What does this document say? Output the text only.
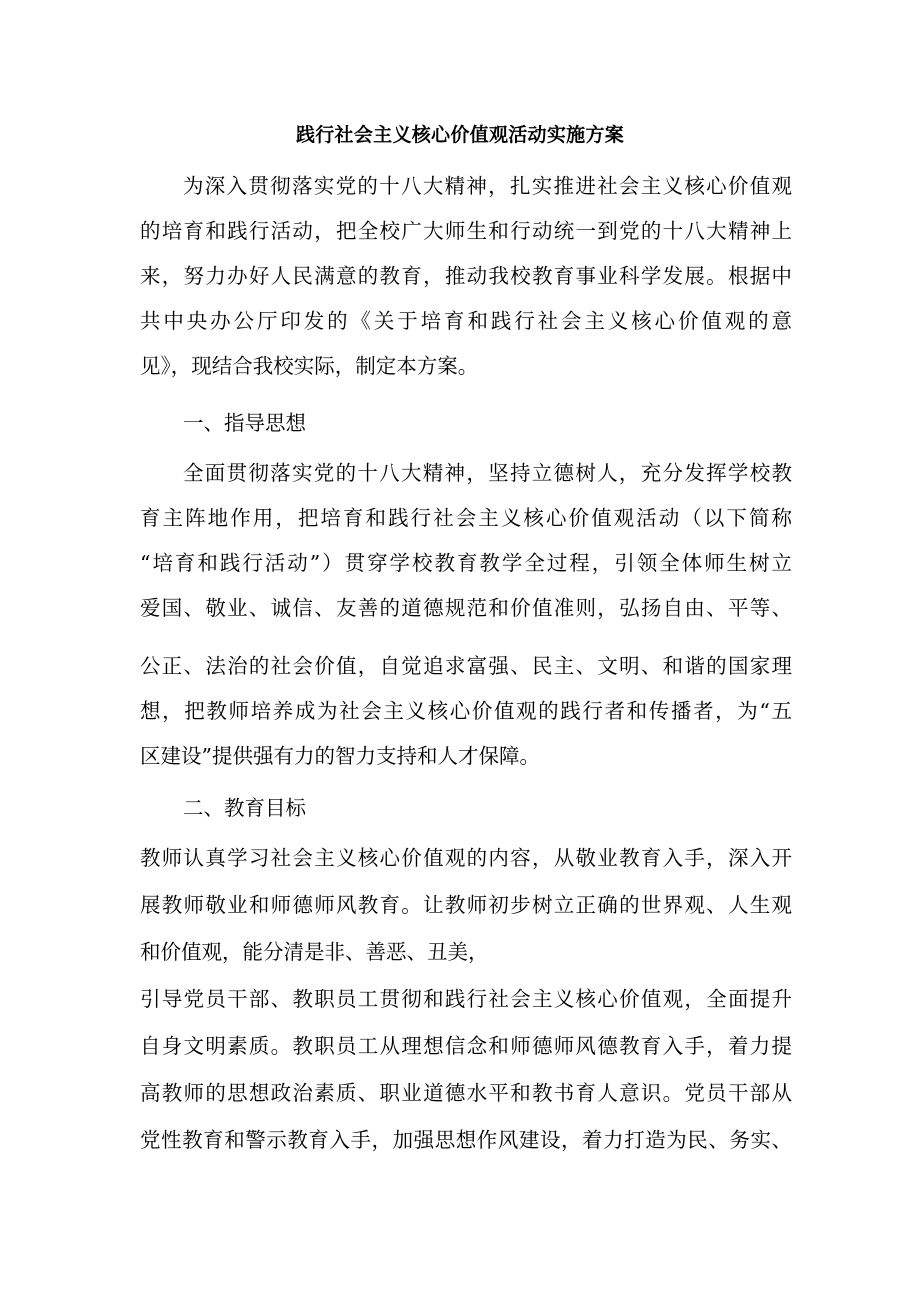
践行社会主义核心价值观活动实施方案
为深入贯彻落实党的十八大精神，扎实推进社会主义核心价值观
的培育和践行活动，把全校广大师生和行动统一到党的十八大精神上
来，努力办好人民满意的教育，推动我校教育事业科学发展。根据中
共中央办公厅印发的《关于培育和践行社会主义核心价值观的意
见》，现结合我校实际，制定本方案。
一、指导思想
全面贯彻落实党的十八大精神，坚持立德树人，充分发挥学校教
育主阵地作用，把培育和践行社会主义核心价值观活动（以下简称
“培育和践行活动”）贯穿学校教育教学全过程，引领全体师生树立
爱国、敬业、诚信、友善的道德规范和价值准则，弘扬自由、平等、
公正、法治的社会价值，自觉追求富强、民主、文明、和谐的国家理
想，把教师培养成为社会主义核心价值观的践行者和传播者，为“五
区建设”提供强有力的智力支持和人才保障。
二、教育目标
教师认真学习社会主义核心价值观的内容，从敬业教育入手，深入开
展教师敬业和师德师风教育。让教师初步树立正确的世界观、人生观
和价值观，能分清是非、善恶、丑美，
引导党员干部、教职员工贯彻和践行社会主义核心价值观，全面提升
自身文明素质。教职员工从理想信念和师德师风德教育入手，着力提
高教师的思想政治素质、职业道德水平和教书育人意识。党员干部从
党性教育和警示教育入手，加强思想作风建设，着力打造为民、务实、
